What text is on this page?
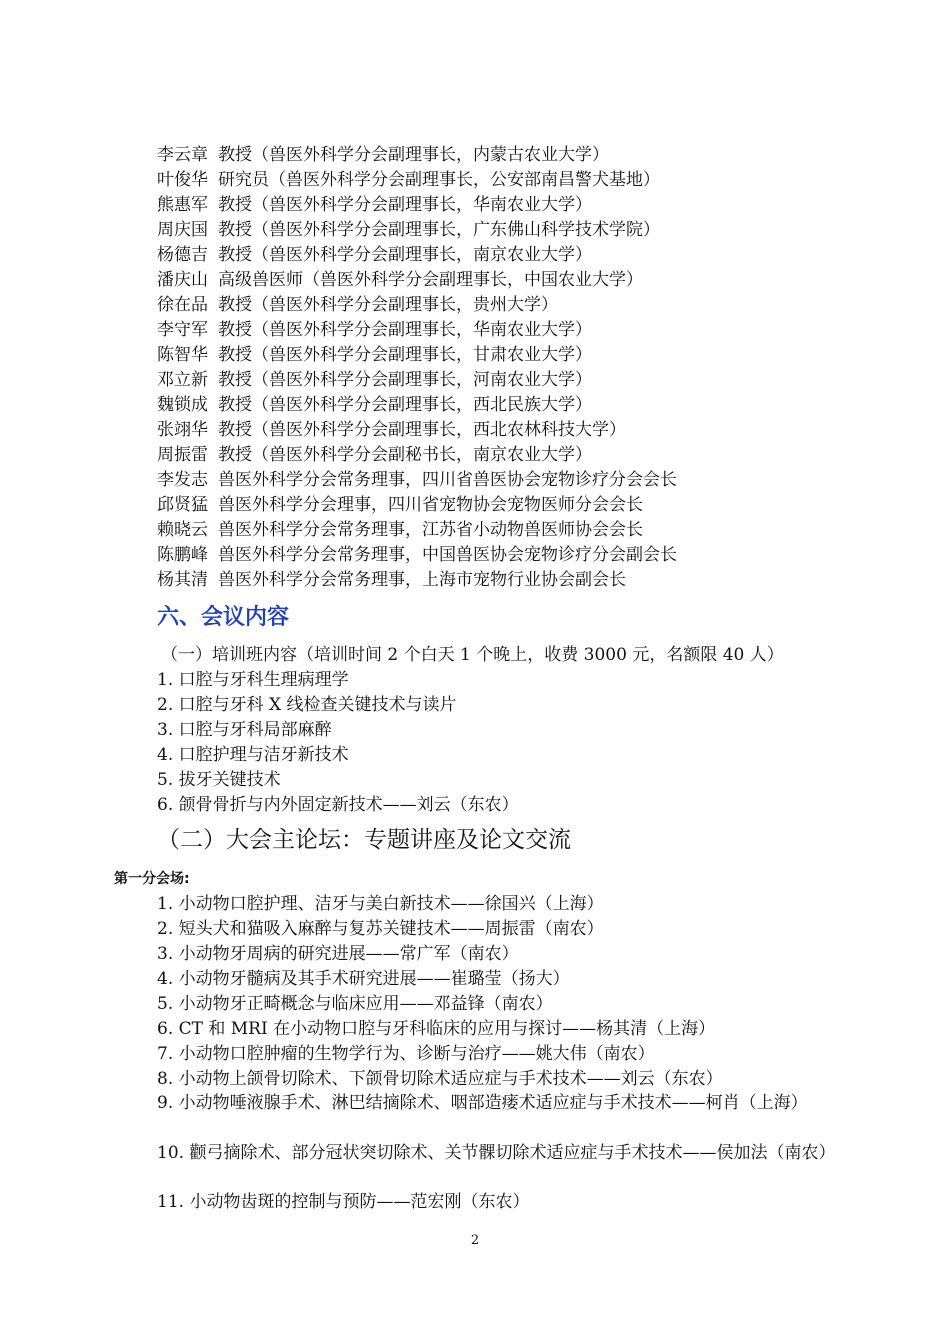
李云章 教授（兽医外科学分会副理事长，内蒙古农业大学）
叶俊华 研究员（兽医外科学分会副理事长，公安部南昌警犬基地）
熊惠军 教授（兽医外科学分会副理事长，华南农业大学）
周庆国 教授（兽医外科学分会副理事长，广东佛山科学技术学院）
杨德吉 教授（兽医外科学分会副理事长，南京农业大学）
潘庆山 高级兽医师（兽医外科学分会副理事长，中国农业大学）
徐在品 教授（兽医外科学分会副理事长，贵州大学）
李守军 教授（兽医外科学分会副理事长，华南农业大学）
陈智华 教授（兽医外科学分会副理事长，甘肃农业大学）
邓立新 教授（兽医外科学分会副理事长，河南农业大学）
魏锁成 教授（兽医外科学分会副理事长，西北民族大学）
张翊华 教授（兽医外科学分会副理事长，西北农林科技大学）
周振雷 教授（兽医外科学分会副秘书长，南京农业大学）
李发志 兽医外科学分会常务理事，四川省兽医协会宠物诊疗分会会长
邱贤猛 兽医外科学分会理事，四川省宠物协会宠物医师分会会长
赖晓云 兽医外科学分会常务理事，江苏省小动物兽医师协会会长
陈鹏峰 兽医外科学分会常务理事，中国兽医协会宠物诊疗分会副会长
杨其清 兽医外科学分会常务理事，上海市宠物行业协会副会长
六、会议内容
（一）培训班内容（培训时间 2 个白天 1 个晚上，收费 3000 元，名额限 40 人）
1. 口腔与牙科生理病理学
2. 口腔与牙科 X 线检查关键技术与读片
3. 口腔与牙科局部麻醉
4. 口腔护理与洁牙新技术
5. 拔牙关键技术
6. 颌骨骨折与内外固定新技术——刘云（东农）
（二）大会主论坛：专题讲座及论文交流
第一分会场:
1. 小动物口腔护理、洁牙与美白新技术——徐国兴（上海）
2. 短头犬和猫吸入麻醉与复苏关键技术——周振雷（南农）
3. 小动物牙周病的研究进展——常广军（南农）
4. 小动物牙髓病及其手术研究进展——崔璐莹（扬大）
5. 小动物牙正畸概念与临床应用——邓益锋（南农）
6. CT 和 MRI 在小动物口腔与牙科临床的应用与探讨——杨其清（上海）
7. 小动物口腔肿瘤的生物学行为、诊断与治疗——姚大伟（南农）
8. 小动物上颌骨切除术、下颌骨切除术适应症与手术技术——刘云（东农）
9. 小动物唾液腺手术、淋巴结摘除术、咽部造瘘术适应症与手术技术——柯肖（上海）
10. 颧弓摘除术、部分冠状突切除术、关节髁切除术适应症与手术技术——侯加法（南农）
11. 小动物齿斑的控制与预防——范宏刚（东农）
2
